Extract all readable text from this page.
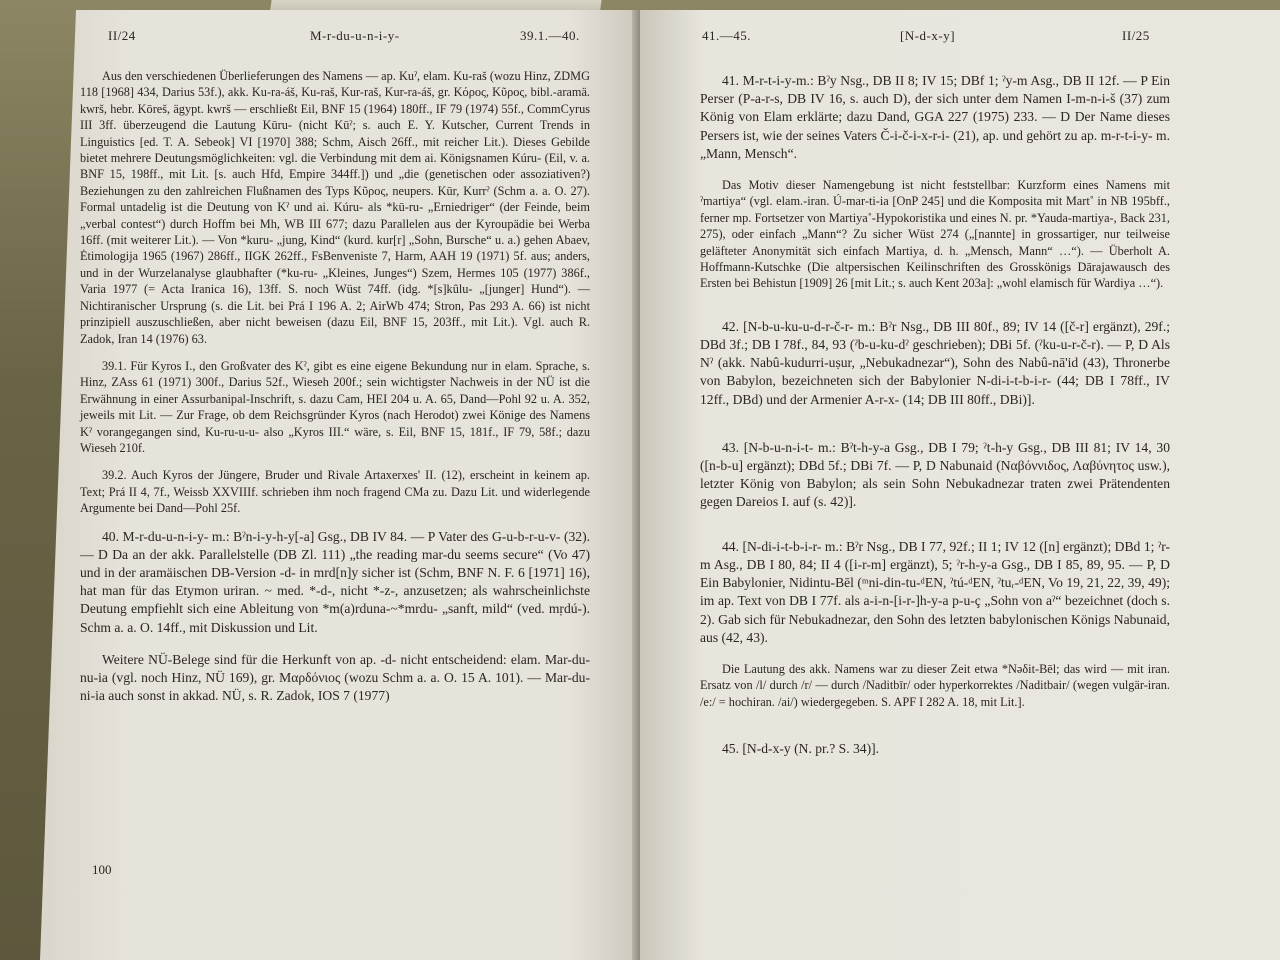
II/24	M-r-du-u-n-i-y-	39.1.—40.

Aus den verschiedenen Überlieferungen des Namens — ap. Kuˀ, elam. Ku-raš (wozu Hinz, ZDMG 118 [1968] 434, Darius 53f.), akk. Ku-ra-áš, Ku-raš, Kur-raš, Kur-ra-áš, gr. Κόρος, Κῦρος, bibl.-aramä. kwrš, hebr. Kōreš, ägypt. kwrš — erschließt Eil, BNF 15 (1964) 180ff., IF 79 (1974) 55f., CommCyrus III 3ff. überzeugend die Lautung Kūru- (nicht Kūˀ; s. auch E. Y. Kutscher, Current Trends in Linguistics [ed. T. A. Sebeok] VI [1970] 388; Schm, Aisch 26ff., mit reicher Lit.). Dieses Gebilde bietet mehrere Deutungsmöglichkeiten: vgl. die Verbindung mit dem ai. Königsnamen Kúru- (Eil, v. a. BNF 15, 198ff., mit Lit. [s. auch Hfd, Empire 344ff.]) und „die (genetischen oder assoziativen?) Beziehungen zu den zahlreichen Flußnamen des Typs Κῦρος, neupers. Kūr, Kurrˀ (Schm a. a. O. 27). Formal untadelig ist die Deutung von Kˀ und ai. Kúru- als *kū-ru- „Erniedriger“ (der Feinde, beim „verbal contest“) durch Hoffm bei Mh, WB III 677; dazu Parallelen aus der Kyroupädie bei Werba 16ff. (mit weiterer Lit.). — Von *kuru- „jung, Kind“ (kurd. kur[r] „Sohn, Bursche“ u. a.) gehen Abaev, Ėtimologija 1965 (1967) 286ff., IIGK 262ff., FsBenveniste 7, Harm, AAH 19 (1971) 5f. aus; anders, und in der Wurzelanalyse glaubhafter (*ku-ru- „Kleines, Junges“) Szem, Hermes 105 (1977) 386f., Varia 1977 (= Acta Iranica 16), 13ff. S. noch Wüst 74ff. (idg. *[s]kûlu- „[junger] Hund“). — Nichtiranischer Ursprung (s. die Lit. bei Prá I 196 A. 2; AirWb 474; Stron, Pas 293 A. 66) ist nicht prinzipiell auszuschließen, aber nicht beweisen (dazu Eil, BNF 15, 203ff., mit Lit.). Vgl. auch R. Zadok, Iran 14 (1976) 63.

39.1. Für Kyros I., den Großvater des Kˀ, gibt es eine eigene Bekundung nur in elam. Sprache, s. Hinz, ZAss 61 (1971) 300f., Darius 52f., Wieseh 200f.; sein wichtigster Nachweis in der NÜ ist die Erwähnung in einer Assurbanipal-Inschrift, s. dazu Cam, HEI 204 u. A. 65, Dand—Pohl 92 u. A. 352, jeweils mit Lit. — Zur Frage, ob dem Reichsgründer Kyros (nach Herodot) zwei Könige des Namens Kˀ vorangegangen sind, Ku-ru-u-u- also „Kyros III.“ wäre, s. Eil, BNF 15, 181f., IF 79, 58f.; dazu Wieseh 210f.

39.2. Auch Kyros der Jüngere, Bruder und Rivale Artaxerxes' II. (12), erscheint in keinem ap. Text; Prá II 4, 7f., Weissb XXVIIIf. schrieben ihm noch fragend CMa zu. Dazu Lit. und widerlegende Argumente bei Dand—Pohl 25f.

40. M-r-du-u-n-i-y- m.: Bˀn-i-y-h-y[-a] Gsg., DB IV 84. — P Vater des G-u-b-r-u-v- (32). — D Da an der akk. Parallelstelle (DB Zl. 111) „the reading mar-du seems secure“ (Vo 47) und in der aramäischen DB-Version -d- in mrd[n]y sicher ist (Schm, BNF N. F. 6 [1971] 16), hat man für das Etymon uriran. ~ med. *-d-, nicht *-z-, anzusetzen; als wahrscheinlichste Deutung empfiehlt sich eine Ableitung von *m(a)rduna-~*mrdu- „sanft, mild“ (ved. mṛdú-). Schm a. a. O. 14ff., mit Diskussion und Lit.

Weitere NÜ-Belege sind für die Herkunft von ap. -d- nicht entscheidend: elam. Mar-du-nu-ia (vgl. noch Hinz, NÜ 169), gr. Μαρδόνιος (wozu Schm a. a. O. 15 A. 101). — Mar-du-ni-ia auch sonst in akkad. NÜ, s. R. Zadok, IOS 7 (1977)

100
41.—45.	[N-d-x-y]	II/25

41. M-r-t-i-y-m.: Bˀy Nsg., DB II 8; IV 15; DBf 1; ˀy-m Asg., DB II 12f. — P Ein Perser (P-a-r-s, DB IV 16, s. auch D), der sich unter dem Namen I-m-n-i-š (37) zum König von Elam erklärte; dazu Dand, GGA 227 (1975) 233. — D Der Name dieses Persers ist, wie der seines Vaters Č-i-č-i-x-r-i- (21), ap. und gehört zu ap. m-r-t-i-y- m. „Mann, Mensch“.

Das Motiv dieser Namengebung ist nicht feststellbar: Kurzform eines Namens mit ˀmartiya“ (vgl. elam.-iran. Ú-mar-ti-ia [OnP 245] und die Komposita mit Mart˚ in NB 195bff., ferner mp. Fortsetzer von Martiya˚-Hypokoristika und eines N. pr. *Yauda-martiya-, Back 231, 275), oder einfach „Mann“? Zu sicher Wüst 274 („[nannte] in grossartiger, nur teilweise geläfteter Anonymität sich einfach Martiya, d. h. „Mensch, Mann“ …“). — Überholt A. Hoffmann-Kutschke (Die altpersischen Keilinschriften des Grosskönigs Dārajawausch des Ersten bei Behistun [1909] 26 [mit Lit.; s. auch Kent 203a]: „wohl elamisch für Wardiya …“).

42. [N-b-u-ku-u-d-r-č-r- m.: Bˀr Nsg., DB III 80f., 89; IV 14 ([č-r] ergänzt), 29f.; DBd 3f.; DB I 78f., 84, 93 (ˀb-u-ku-dˀ geschrieben); DBi 5f. (ˀku-u-r-č-r). — P, D Als Nˀ (akk. Nabû-kudurri-uṣur, „Nebukadnezar“), Sohn des Nabû-nā'id (43), Thronerbe von Babylon, bezeichneten sich der Babylonier N-di-i-t-b-i-r- (44; DB I 78ff., IV 12ff., DBd) und der Armenier A-r-x- (14; DB III 80ff., DBi)].

43. [N-b-u-n-i-t- m.: Bˀt-h-y-a Gsg., DB I 79; ˀt-h-y Gsg., DB III 81; IV 14, 30 ([n-b-u] ergänzt); DBd 5f.; DBi 7f. — P, D Nabunaid (Ναβόννιδος, Λαβύνητος usw.), letzter König von Babylon; als sein Sohn Nebukadnezar traten zwei Prätendenten gegen Dareios I. auf (s. 42)].

44. [N-di-i-t-b-i-r- m.: Bˀr Nsg., DB I 77, 92f.; II 1; IV 12 ([n] ergänzt); DBd 1; ˀr-m Asg., DB I 80, 84; II 4 ([i-r-m] ergänzt), 5; ˀr-h-y-a Gsg., DB I 85, 89, 95. — P, D Ein Babylonier, Nidintu-Bēl (ᵐni-din-tu-ᵈEN, ˀtú-ᵈEN, ˀtuᵣ-ᵈEN, Vo 19, 21, 22, 39, 49); im ap. Text von DB I 77f. als a-i-n-[i-r-]h-y-a p-u-ç „Sohn von aˀ“ bezeichnet (doch s. 2). Gab sich für Nebukadnezar, den Sohn des letzten babylonischen Königs Nabunaid, aus (42, 43).

Die Lautung des akk. Namens war zu dieser Zeit etwa *Nəδit-Bēl; das wird — mit iran. Ersatz von /l/ durch /r/ — durch /Naditbīr/ oder hyperkorrektes /Naditbair/ (wegen vulgär-iran. /e:/ = hochiran. /ai/) wiedergegeben. S. APF I 282 A. 18, mit Lit.].

45. [N-d-x-y (N. pr.? S. 34)].
